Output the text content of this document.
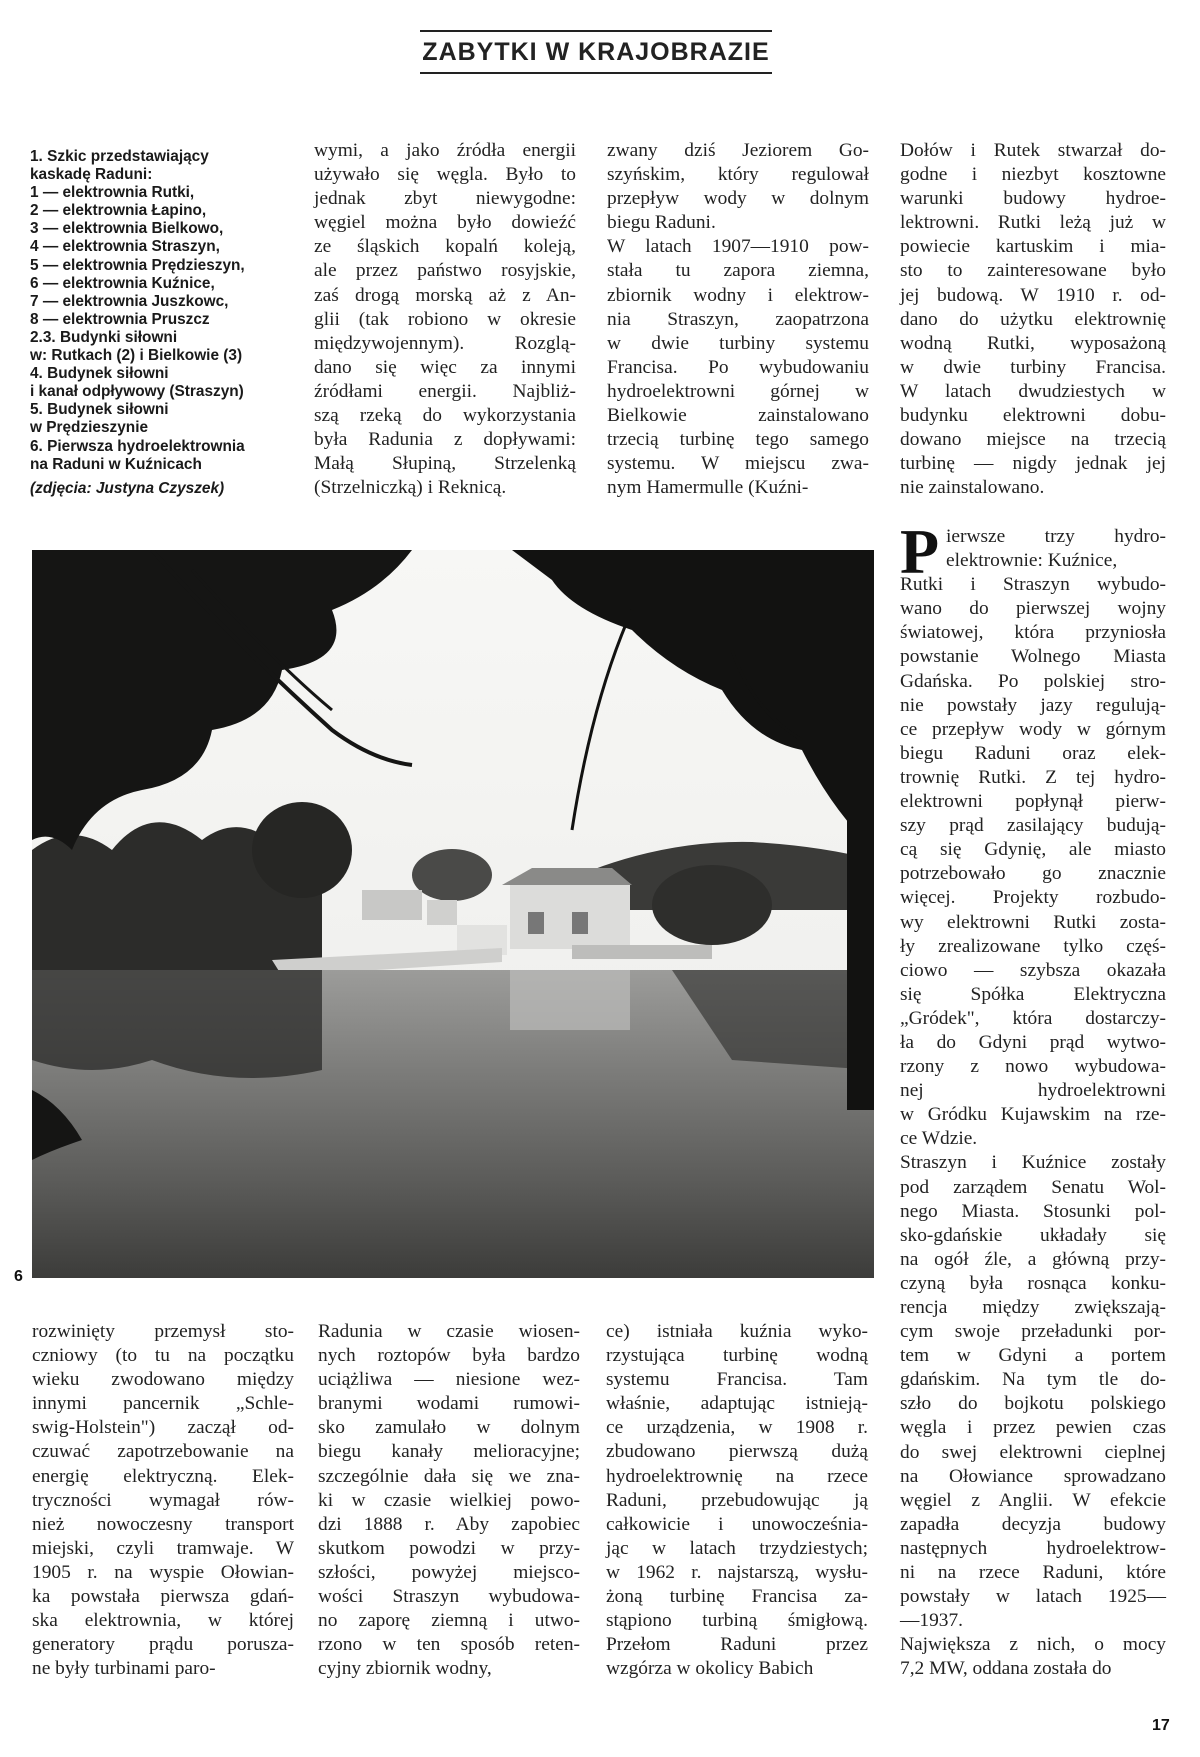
ZABYTKI W KRAJOBRAZIE
1. Szkic przedstawiający
kaskadę Raduni:
1 — elektrownia Rutki,
2 — elektrownia Łapino,
3 — elektrownia Bielkowo,
4 — elektrownia Straszyn,
5 — elektrownia Prędzieszyn,
6 — elektrownia Kuźnice,
7 — elektrownia Juszkowc,
8 — elektrownia Pruszcz
2.3. Budynki siłowni
w: Rutkach (2) i Bielkowie (3)
4. Budynek siłowni
i kanał odpływowy (Straszyn)
5. Budynek siłowni
w Prędzieszynie
6. Pierwsza hydroelektrownia
na Raduni w Kuźnicach
(zdjęcia: Justyna Czyszek)
wymi, a jako źródła energii
używało się węgla. Było to
jednak zbyt niewygodne:
węgiel można było dowieźć
ze śląskich kopalń koleją,
ale przez państwo rosyjskie,
zaś drogą morską aż z An-
glii (tak robiono w okresie
międzywojennym). Rozglą-
dano się więc za innymi
źródłami energii. Najbliż-
szą rzeką do wykorzystania
była Radunia z dopływami:
Małą Słupiną, Strzelenką
(Strzelniczką) i Reknicą.
zwany dziś Jeziorem Go-
szyńskim, który regulował
przepływ wody w dolnym
biegu Raduni.
W latach 1907—1910 pow-
stała tu zapora ziemna,
zbiornik wodny i elektrow-
nia Straszyn, zaopatrzona
w dwie turbiny systemu
Francisa. Po wybudowaniu
hydroelektrowni górnej w
Bielkowie zainstalowano
trzecią turbinę tego samego
systemu. W miejscu zwa-
nym Hamermulle (Kuźni-
Dołów i Rutek stwarzał do-
godne i niezbyt kosztowne
warunki budowy hydroe-
lektrowni. Rutki leżą już w
powiecie kartuskim i mia-
sto to zainteresowane było
jej budową. W 1910 r. od-
dano do użytku elektrownię
wodną Rutki, wyposażoną
w dwie turbiny Francisa.
W latach dwudziestych w
budynku elektrowni dobu-
dowano miejsce na trzecią
turbinę — nigdy jednak jej
nie zainstalowano.
P ierwsze trzy hydro-
elektrownie: Kuźnice,
Rutki i Straszyn wybudo-
wano do pierwszej wojny
światowej, która przyniosła
powstanie Wolnego Miasta
Gdańska. Po polskiej stro-
nie powstały jazy regulują-
ce przepływ wody w górnym
biegu Raduni oraz elek-
trownię Rutki. Z tej hydro-
elektrowni popłynął pierw-
szy prąd zasilający budują-
cą się Gdynię, ale miasto
potrzebowało go znacznie
więcej. Projekty rozbudo-
wy elektrowni Rutki zosta-
ły zrealizowane tylko częś-
ciowo — szybsza okazała
się Spółka Elektryczna
„Gródek", która dostarczy-
ła do Gdyni prąd wytwo-
rzony z nowo wybudowa-
nej hydroelektrowni
w Gródku Kujawskim na rze-
ce Wdzie.
Straszyn i Kuźnice zostały
pod zarządem Senatu Wol-
nego Miasta. Stosunki pol-
sko-gdańskie układały się
na ogół źle, a główną przy-
czyną była rosnąca konku-
rencja między zwiększają-
cym swoje przeładunki por-
tem w Gdyni a portem
gdańskim. Na tym tle do-
szło do bojkotu polskiego
węgla i przez pewien czas
do swej elektrowni cieplnej
na Ołowiance sprowadzano
węgiel z Anglii. W efekcie
zapadła decyzja budowy
następnych hydroelektrow-
ni na rzece Raduni, które
powstały w latach 1925—
—1937.
Największa z nich, o mocy
7,2 MW, oddana została do
6
rozwinięty przemysł sto-
czniowy (to tu na początku
wieku zwodowano między
innymi pancernik „Schle-
swig-Holstein") zaczął od-
czuwać zapotrzebowanie na
energię elektryczną. Elek-
tryczności wymagał rów-
nież nowoczesny transport
miejski, czyli tramwaje. W
1905 r. na wyspie Ołowian-
ka powstała pierwsza gdań-
ska elektrownia, w której
generatory prądu porusza-
ne były turbinami paro-
Radunia w czasie wiosen-
nych roztopów była bardzo
uciążliwa — niesione wez-
branymi wodami rumowi-
sko zamulało w dolnym
biegu kanały melioracyjne;
szczególnie dała się we zna-
ki w czasie wielkiej powo-
dzi 1888 r. Aby zapobiec
skutkom powodzi w przy-
szłości, powyżej miejsco-
wości Straszyn wybudowa-
no zaporę ziemną i utwo-
rzono w ten sposób reten-
cyjny zbiornik wodny,
ce) istniała kuźnia wyko-
rzystująca turbinę wodną
systemu Francisa. Tam
właśnie, adaptując istnieją-
ce urządzenia, w 1908 r.
zbudowano pierwszą dużą
hydroelektrownię na rzece
Raduni, przebudowując ją
całkowicie i unowocześnia-
jąc w latach trzydziestych;
w 1962 r. najstarszą, wysłu-
żoną turbinę Francisa za-
stąpiono turbiną śmigłową.
Przełom Raduni przez
wzgórza w okolicy Babich
17
